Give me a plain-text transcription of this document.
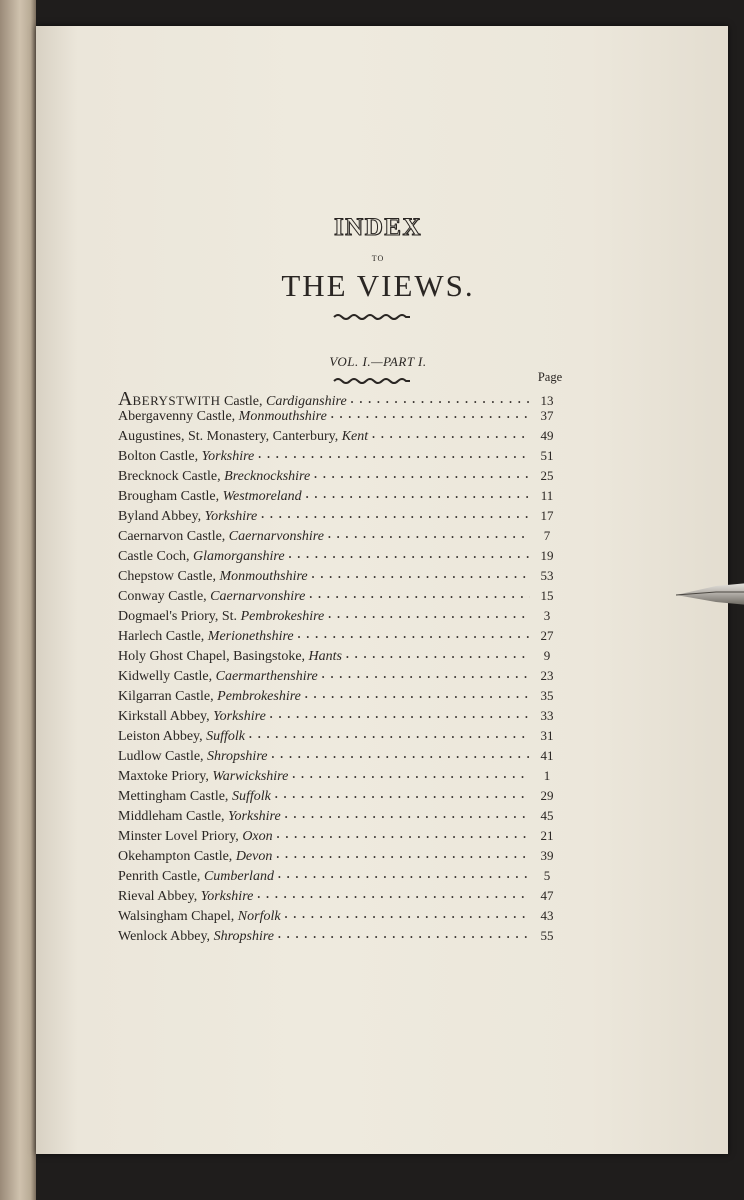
INDEX
TO
THE VIEWS.
VOL. I.—PART I.
Page
ABERYSTWITH Castle, Cardiganshire • • •	13
Abergavenny Castle, Monmouthshire • • •	37
Augustines, St. Monastery, Canterbury, Kent • • •	49
Bolton Castle, Yorkshire • • •	51
Brecknock Castle, Brecknockshire • • •	25
Brougham Castle, Westmoreland • • •	11
Byland Abbey, Yorkshire • • •	17
Caernarvon Castle, Caernarvonshire • • •	7
Castle Coch, Glamorganshire • • •	19
Chepstow Castle, Monmouthshire • • •	53
Conway Castle, Caernarvonshire • • •	15
Dogmael's Priory, St. Pembrokeshire • • •	3
Harlech Castle, Merionethshire • • •	27
Holy Ghost Chapel, Basingstoke, Hants • • •	9
Kidwelly Castle, Caermarthenshire • • •	23
Kilgarran Castle, Pembrokeshire • • •	35
Kirkstall Abbey, Yorkshire • • •	33
Leiston Abbey, Suffolk • • •	31
Ludlow Castle, Shropshire • • •	41
Maxtoke Priory, Warwickshire • • •	1
Mettingham Castle, Suffolk • • •	29
Middleham Castle, Yorkshire • • •	45
Minster Lovel Priory, Oxon • • •	21
Okehampton Castle, Devon • • •	39
Penrith Castle, Cumberland • • •	5
Rieval Abbey, Yorkshire • • •	47
Walsingham Chapel, Norfolk • • •	43
Wenlock Abbey, Shropshire • • •	55
